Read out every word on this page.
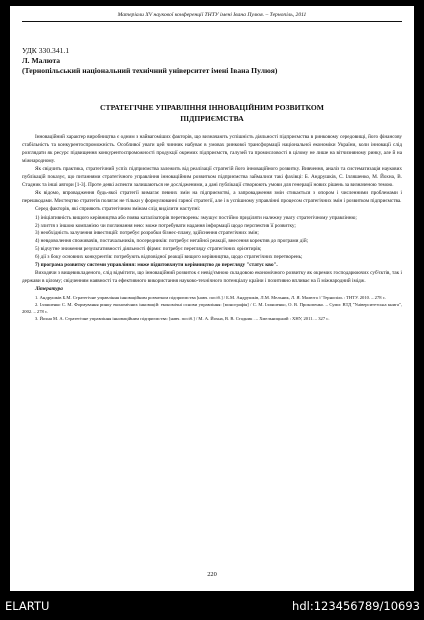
Матеріали ХV наукової конференції ТНТУ імені Івана Пулюя. – Тернопіль, 2011
УДК 330.341.1
Л. Малюта
(Тернопільський національний технічний університет імені Івана Пулюя)
СТРАТЕГІЧНЕ УПРАВЛІННЯ ІННОВАЦІЙНИМ РОЗВИТКОМ
ПІДПРИЄМСТВА

Інноваційний характер виробництва є одним з найвагоміших факторів, що визначають успішність діяльності підприємства в ринковому середовищі, його фінансову стабільність та конкурентоспроможність. Особливої уваги цей чинник набуває в умовах ринкової трансформації національної економіки України, коли інновації слід розглядати як ресурс підвищення конкурентоспроможності продукції окремих підприємств, галузей та промисловості в цілому не лише на вітчизняному ринку, але й на міжнародному.

Як свідчить практика, стратегічний успіх підприємства залежить від реалізації стратегій його інноваційного розвитку. Вивчення, аналіз та систематизація наукових публікацій показує, що питаннями стратегічного управління інноваційним розвитком підприємства займалися такі фахівці: Б. Андрушків, С. Ілляшенко, М. Йохна, В. Стадник та інші автори [1-3]. Проте деякі аспекти залишаються не дослідженими, а дані публікації створюють умови для генерації нових рішень за визначеною темою.

Як відомо, впровадження будь-якої стратегії вимагає певних змін на підприємстві, а запровадження змін стикається з опором і численними проблемами і перешкодами. Мистецтво стратегів полягає не тільки у формулюванні гарної стратегії, але і в успішному управлінні процесом стратегічних змін і розвитком підприємства.

Серед факторів, які сприяють стратегічним змінам слід виділити наступні:

1) ініціативність вищого керівництва або поява каталізаторів перетворень: змушує постійно приділяти належну увагу стратегічному управлінню;

2) злиття з іншою компанією чи поглинання нею: може потребувати надання інформації щодо перспектив її розвитку;

3) необхідність залучення інвестицій: потребує розробки бізнес-плану, здійснення стратегічних змін;

4) невдоволення споживачів, постачальників, посередників: потребує негайної реакції, внесення коректив до програми дій;

5) відчутне зниження результативності діяльності фірми: потребує перегляду стратегічних орієнтирів;

6) дії з боку основних конкурентів: потребують відповідної реакції вищого керівництва, щодо стратегічних перетворень;

7) програма розвитку системи управління: може підштовхнути керівництво до перегляду "статус кво".

Виходячи з вищевикладеного, слід відмітити, що інноваційний розвиток є невід'ємною складовою економічного розвитку як окремих господарюючих суб'єктів, так і держави в цілому; свідченням наявності та ефективного використання науково-технічного потенціалу країни і позитивно впливає на її міжнародний імідж.

Література

1. Андрушків Б.М. Стратегічне управління інноваційним розвитком підприємства [навч. посіб.] / Б.М. Андрушків, Л.М. Мельник, Л. Я. Малюта // Тернопіль : ТНТУ. 2010. – 278 с.

2. Ілляшенко С. М. Формування ринку економічних інновацій: економічні основи управління: [монографія] / С. М. Ілляшенко, О. В. Прокопенко. – Суми: ВТД "Університетська книга", 2002. – 278 с.

3. Йохна М. А. Стратегічне управління інноваційним підприємства: [навч. посіб.] / М. А. Йохна, В. В. Стадник . – Хмельницький : ХНУ, 2011. – 327 с.

220
ELARTU	hdl:123456789/10693
